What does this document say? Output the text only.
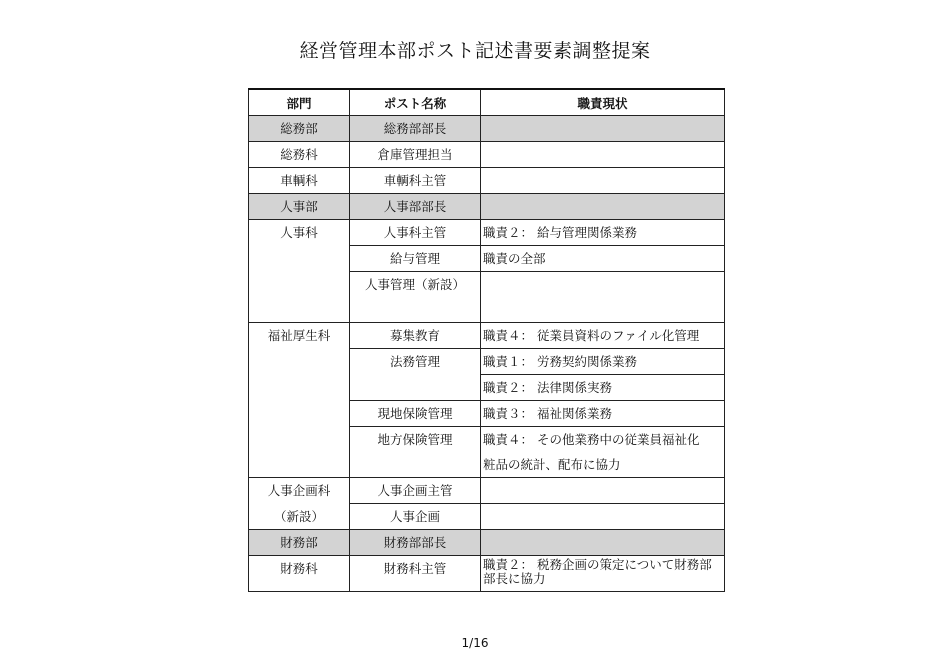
経営管理本部ポスト記述書要素調整提案
部門	ポスト名称	職責現状

総務部	総務部部長	

総務科	倉庫管理担当	

車輌科	車輌科主管	

人事部	人事部部長	

人事科	人事科主管	職責２： 給与管理関係業務

	給与管理	職責の全部

	人事管理（新設）	

福祉厚生科	募集教育	職責４： 従業員資料のファイル化管理

	法務管理	職責１： 労務契約関係業務

		職責２： 法律関係実務

	現地保険管理	職責３： 福祉関係業務

	地方保険管理	職責４： その他業務中の従業員福祉化

		粧品の統計、配布に協力

人事企画科	人事企画主管	

（新設）	人事企画	

財務部	財務部部長	

財務科	財務科主管	職責２： 税務企画の策定について財務部
部長に協力
1/16
